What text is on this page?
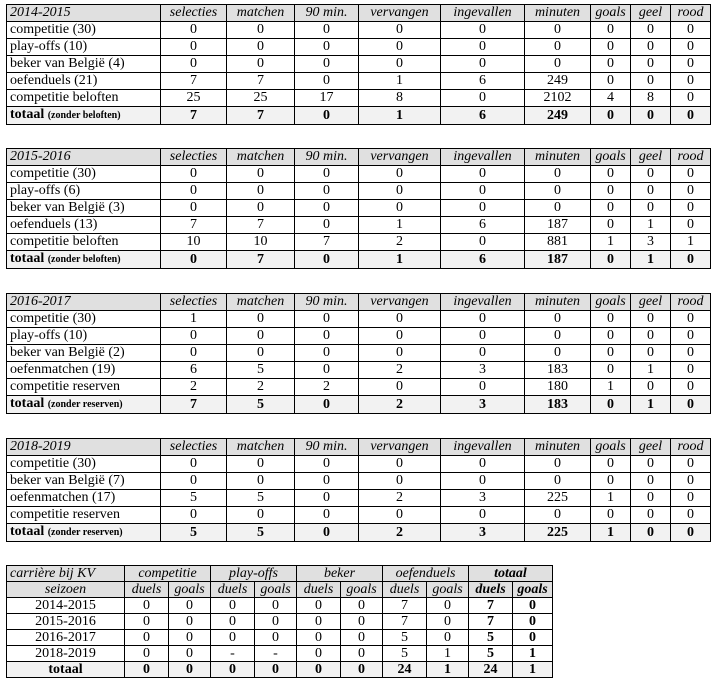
2014-2015	selecties	matchen	90 min.	vervangen	ingevallen	minuten	goals	geel	rood
competitie (30)	0	0	0	0	0	0	0	0	0
play-offs (10)	0	0	0	0	0	0	0	0	0
beker van België (4)	0	0	0	0	0	0	0	0	0
oefenduels (21)	7	7	0	1	6	249	0	0	0
competitie beloften	25	25	17	8	0	2102	4	8	0
totaal (zonder beloften)	7	7	0	1	6	249	0	0	0
2015-2016	selecties	matchen	90 min.	vervangen	ingevallen	minuten	goals	geel	rood
competitie (30)	0	0	0	0	0	0	0	0	0
play-offs (6)	0	0	0	0	0	0	0	0	0
beker van België (3)	0	0	0	0	0	0	0	0	0
oefenduels (13)	7	7	0	1	6	187	0	1	0
competitie beloften	10	10	7	2	0	881	1	3	1
totaal (zonder beloften)	0	7	0	1	6	187	0	1	0
2016-2017	selecties	matchen	90 min.	vervangen	ingevallen	minuten	goals	geel	rood
competitie (30)	1	0	0	0	0	0	0	0	0
play-offs (10)	0	0	0	0	0	0	0	0	0
beker van België (2)	0	0	0	0	0	0	0	0	0
oefenmatchen (19)	6	5	0	2	3	183	0	1	0
competitie reserven	2	2	2	0	0	180	1	0	0
totaal (zonder reserven)	7	5	0	2	3	183	0	1	0
2018-2019	selecties	matchen	90 min.	vervangen	ingevallen	minuten	goals	geel	rood
competitie (30)	0	0	0	0	0	0	0	0	0
beker van België (7)	0	0	0	0	0	0	0	0	0
oefenmatchen (17)	5	5	0	2	3	225	1	0	0
competitie reserven	0	0	0	0	0	0	0	0	0
totaal (zonder reserven)	5	5	0	2	3	225	1	0	0
carrière bij KV	competitie		play-offs		beker		oefenduels		totaal	
seizoen	duels	goals	duels	goals	duels	goals	duels	goals	duels	goals
2014-2015	0	0	0	0	0	0	7	0	7	0
2015-2016	0	0	0	0	0	0	7	0	7	0
2016-2017	0	0	0	0	0	0	5	0	5	0
2018-2019	0	0	-	-	0	0	5	1	5	1
totaal	0	0	0	0	0	0	24	1	24	1
